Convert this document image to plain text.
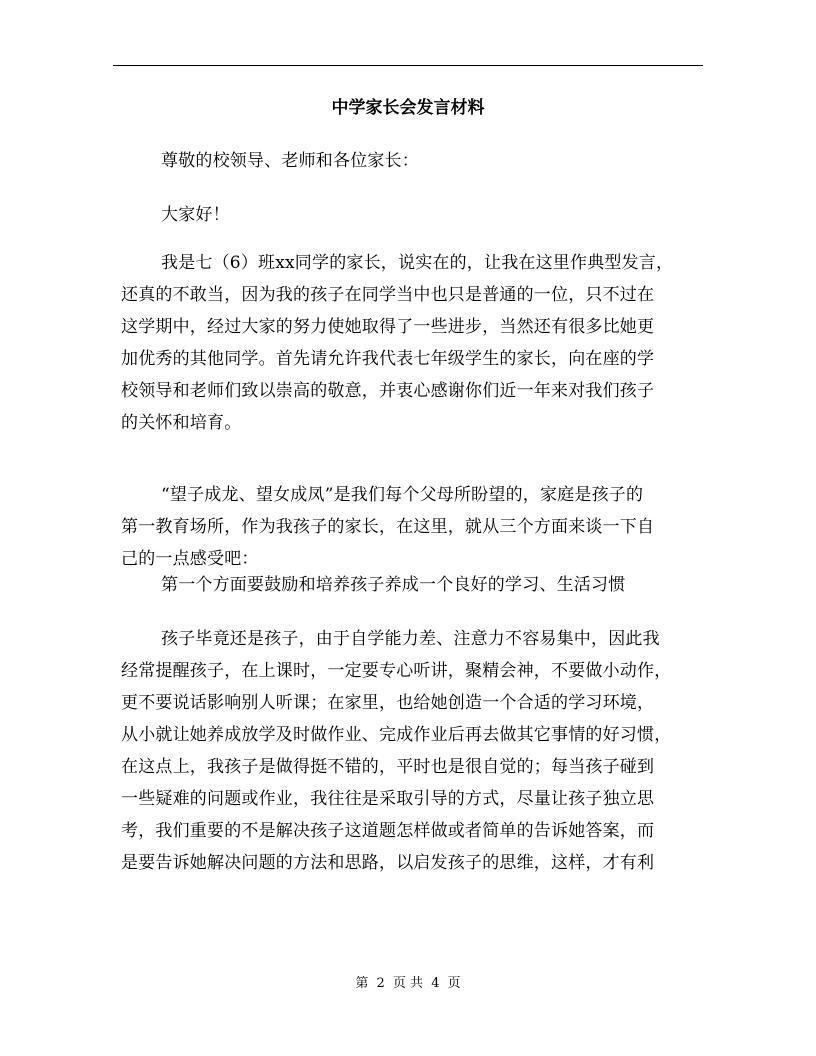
中学家长会发言材料

尊敬的校领导、老师和各位家长：

大家好！

我是七（6）班xx同学的家长，说实在的，让我在这里作典型发言，
还真的不敢当，因为我的孩子在同学当中也只是普通的一位，只不过在
这学期中，经过大家的努力使她取得了一些进步，当然还有很多比她更
加优秀的其他同学。首先请允许我代表七年级学生的家长，向在座的学
校领导和老师们致以崇高的敬意，并衷心感谢你们近一年来对我们孩子
的关怀和培育。

“望子成龙、望女成凤”是我们每个父母所盼望的，家庭是孩子的
第一教育场所，作为我孩子的家长，在这里，就从三个方面来谈一下自
己的一点感受吧：

第一个方面要鼓励和培养孩子养成一个良好的学习、生活习惯

孩子毕竟还是孩子，由于自学能力差、注意力不容易集中，因此我
经常提醒孩子，在上课时，一定要专心听讲，聚精会神，不要做小动作，
更不要说话影响别人听课；在家里，也给她创造一个合适的学习环境，
从小就让她养成放学及时做作业、完成作业后再去做其它事情的好习惯，
在这点上，我孩子是做得挺不错的，平时也是很自觉的；每当孩子碰到
一些疑难的问题或作业，我往往是采取引导的方式，尽量让孩子独立思
考，我们重要的不是解决孩子这道题怎样做或者简单的告诉她答案，而
是要告诉她解决问题的方法和思路，以启发孩子的思维，这样，才有利

第 2 页 共 4 页
